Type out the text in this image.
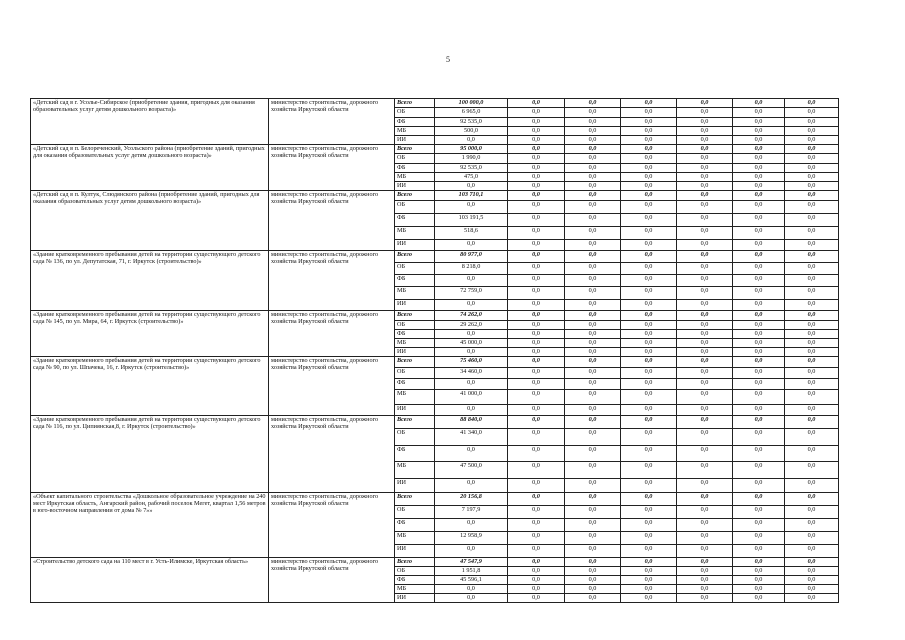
5
«Детский сад в г. Усолье-Сибирское (приобретение здания, пригодных для оказания образовательных услуг детям дошкольного возраста)»	министерство строительства, дорожного хозяйства Иркутской области	Всего	100 000,0	0,0	0,0	0,0	0,0	0,0	0,0
		ОБ	6 965,0	0,0	0,0	0,0	0,0	0,0	0,0
		ФБ	92 535,0	0,0	0,0	0,0	0,0	0,0	0,0
		МБ	500,0	0,0	0,0	0,0	0,0	0,0	0,0
		ИИ	0,0	0,0	0,0	0,0	0,0	0,0	0,0
«Детский сад в п. Белореченский, Усольского района (приобретение зданий, пригодных для оказания образовательных услуг детям дошкольного возраста)»	министерство строительства, дорожного хозяйства Иркутской области	Всего	95 000,0	0,0	0,0	0,0	0,0	0,0	0,0
		ОБ	1 990,0	0,0	0,0	0,0	0,0	0,0	0,0
		ФБ	92 535,0	0,0	0,0	0,0	0,0	0,0	0,0
		МБ	475,0	0,0	0,0	0,0	0,0	0,0	0,0
		ИИ	0,0	0,0	0,0	0,0	0,0	0,0	0,0
«Детский сад в п. Култук, Слюдянского района (приобретение зданий, пригодных для оказания образовательных услуг детям дошкольного возраста)»	министерство строительства, дорожного хозяйства Иркутской области	Всего	103 710,1	0,0	0,0	0,0	0,0	0,0	0,0
		ОБ	0,0	0,0	0,0	0,0	0,0	0,0	0,0
		ФБ	103 191,5	0,0	0,0	0,0	0,0	0,0	0,0
		МБ	518,6	0,0	0,0	0,0	0,0	0,0	0,0
		ИИ	0,0	0,0	0,0	0,0	0,0	0,0	0,0
«Здание кратковременного пребывания детей на территории существующего детского сада № 136, по ул. Депутатская, 71, г. Иркутск (строительство)»	министерство строительства, дорожного хозяйства Иркутской области	Всего	80 977,0	0,0	0,0	0,0	0,0	0,0	0,0
		ОБ	8 218,0	0,0	0,0	0,0	0,0	0,0	0,0
		ФБ	0,0	0,0	0,0	0,0	0,0	0,0	0,0
		МБ	72 759,0	0,0	0,0	0,0	0,0	0,0	0,0
		ИИ	0,0	0,0	0,0	0,0	0,0	0,0	0,0
«Здание кратковременного пребывания детей на территории существующего детского сада № 145, по ул. Мира, 64, г. Иркутск (строительство)»	министерство строительства, дорожного хозяйства Иркутской области	Всего	74 262,0	0,0	0,0	0,0	0,0	0,0	0,0
		ОБ	29 262,0	0,0	0,0	0,0	0,0	0,0	0,0
		ФБ	0,0	0,0	0,0	0,0	0,0	0,0	0,0
		МБ	45 000,0	0,0	0,0	0,0	0,0	0,0	0,0
		ИИ	0,0	0,0	0,0	0,0	0,0	0,0	0,0
«Здание кратковременного пребывания детей на территории существующего детского сада № 90, по ул. Шпачека, 16, г. Иркутск (строительство)»	министерство строительства, дорожного хозяйства Иркутской области	Всего	75 460,0	0,0	0,0	0,0	0,0	0,0	0,0
		ОБ	34 460,0	0,0	0,0	0,0	0,0	0,0	0,0
		ФБ	0,0	0,0	0,0	0,0	0,0	0,0	0,0
		МБ	41 000,0	0,0	0,0	0,0	0,0	0,0	0,0
		ИИ	0,0	0,0	0,0	0,0	0,0	0,0	0,0
«Здание кратковременного пребывания детей на территории существующего детского сада № 116, по ул. Ципиянская,8, г. Иркутск (строительство)»	министерство строительства, дорожного хозяйства Иркутской области	Всего	88 840,0	0,0	0,0	0,0	0,0	0,0	0,0
		ОБ	41 340,0	0,0	0,0	0,0	0,0	0,0	0,0
		ФБ	0,0	0,0	0,0	0,0	0,0	0,0	0,0
		МБ	47 500,0	0,0	0,0	0,0	0,0	0,0	0,0
		ИИ	0,0	0,0	0,0	0,0	0,0	0,0	0,0
«Объект капитального строительства «Дошкольное образовательное учреждение на 240 мест Иркутская область, Ангарский район, рабочий поселок Мегет, квартал 1,56 метров в юго-восточном направлении от дома № 7»»	министерство строительства, дорожного хозяйства Иркутской области	Всего	20 156,8	0,0	0,0	0,0	0,0	0,0	0,0
		ОБ	7 197,9	0,0	0,0	0,0	0,0	0,0	0,0
		ФБ	0,0	0,0	0,0	0,0	0,0	0,0	0,0
		МБ	12 958,9	0,0	0,0	0,0	0,0	0,0	0,0
		ИИ	0,0	0,0	0,0	0,0	0,0	0,0	0,0
«Строительство детского сада на 110 мест в г. Усть-Илимске, Иркутская область»	министерство строительства, дорожного хозяйства Иркутской области	Всего	47 547,9	0,0	0,0	0,0	0,0	0,0	0,0
		ОБ	1 951,8	0,0	0,0	0,0	0,0	0,0	0,0
		ФБ	45 596,1	0,0	0,0	0,0	0,0	0,0	0,0
		МБ	0,0	0,0	0,0	0,0	0,0	0,0	0,0
		ИИ	0,0	0,0	0,0	0,0	0,0	0,0	0,0
